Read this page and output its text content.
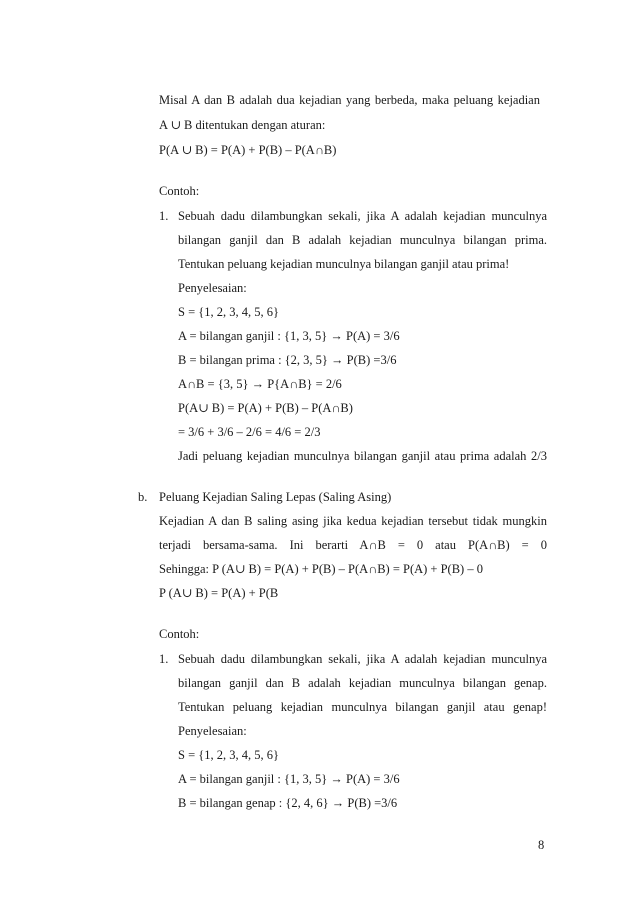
Misal A dan B adalah dua kejadian yang berbeda, maka peluang kejadian
A ∪ B ditentukan dengan aturan:
P(A ∪ B) = P(A) + P(B) – P(A∩B)
Contoh:
1. Sebuah dadu dilambungkan sekali, jika A adalah kejadian munculnya
bilangan ganjil dan B adalah kejadian munculnya bilangan prima.
Tentukan peluang kejadian munculnya bilangan ganjil atau prima!
Penyelesaian:
S = {1, 2, 3, 4, 5, 6}
A = bilangan ganjil : {1, 3, 5} → P(A) = 3/6
B = bilangan prima : {2, 3, 5} → P(B) =3/6
A∩B = {3, 5} → P{A∩B} = 2/6
P(A∪ B) = P(A) + P(B) – P(A∩B)
= 3/6 + 3/6 – 2/6 = 4/6 = 2/3
Jadi peluang kejadian munculnya bilangan ganjil atau prima adalah 2/3
b. Peluang Kejadian Saling Lepas (Saling Asing)
Kejadian A dan B saling asing jika kedua kejadian tersebut tidak mungkin
terjadi bersama-sama. Ini berarti A∩B = 0 atau P(A∩B) = 0
Sehingga: P (A∪ B) = P(A) + P(B) – P(A∩B) = P(A) + P(B) – 0
P (A∪ B) = P(A) + P(B
Contoh:
1. Sebuah dadu dilambungkan sekali, jika A adalah kejadian munculnya
bilangan ganjil dan B adalah kejadian munculnya bilangan genap.
Tentukan peluang kejadian munculnya bilangan ganjil atau genap!
Penyelesaian:
S = {1, 2, 3, 4, 5, 6}
A = bilangan ganjil : {1, 3, 5} → P(A) = 3/6
B = bilangan genap : {2, 4, 6} → P(B) =3/6
8
